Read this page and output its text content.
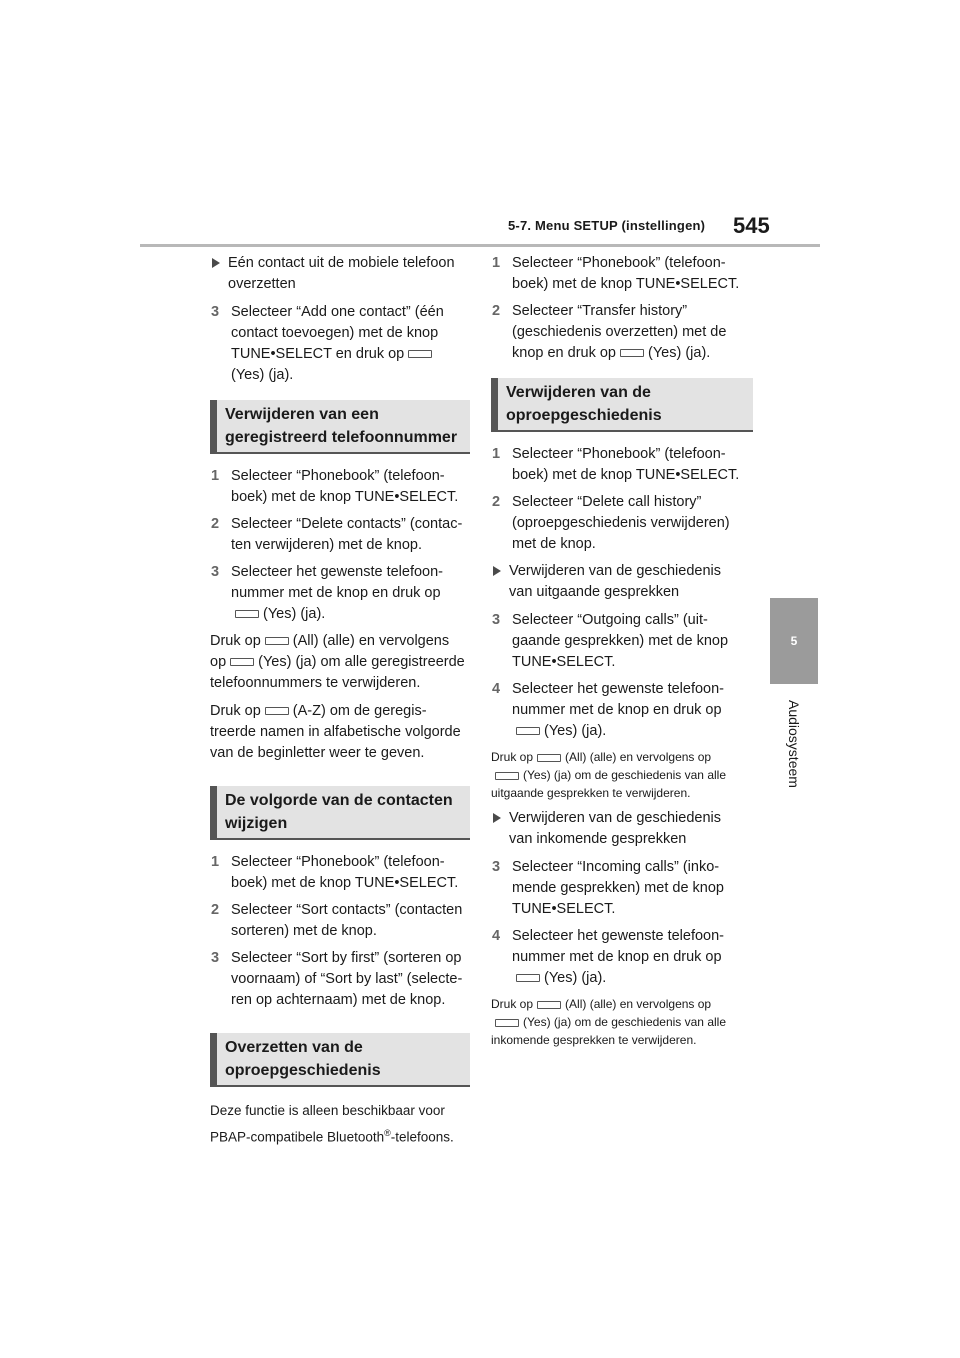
5-7. Menu SETUP (instellingen) 545
5
Audiosysteem
Eén contact uit de mobiele telefoon
overzetten
3 Selecteer “Add one contact” (één
contact toevoegen) met de knop
TUNE•SELECT en druk op
(Yes) (ja).
Verwijderen van een
geregistreerd telefoonnummer
1 Selecteer “Phonebook” (telefoon-
boek) met de knop TUNE•SELECT.
2 Selecteer “Delete contacts” (contac-
ten verwijderen) met de knop.
3 Selecteer het gewenste telefoon-
nummer met de knop en druk op
(Yes) (ja).
Druk op (All) (alle) en vervolgens
op (Yes) (ja) om alle geregistreerde
telefoonnummers te verwijderen.
Druk op (A-Z) om de geregis-
treerde namen in alfabetische volgorde
van de beginletter weer te geven.
De volgorde van de contacten
wijzigen
1 Selecteer “Phonebook” (telefoon-
boek) met de knop TUNE•SELECT.
2 Selecteer “Sort contacts” (contacten
sorteren) met de knop.
3 Selecteer “Sort by first” (sorteren op
voornaam) of “Sort by last” (selecte-
ren op achternaam) met de knop.
Overzetten van de
oproepgeschiedenis
Deze functie is alleen beschikbaar voor
PBAP-compatibele Bluetooth®-telefoons.
1 Selecteer “Phonebook” (telefoon-
boek) met de knop TUNE•SELECT.
2 Selecteer “Transfer history”
(geschiedenis overzetten) met de
knop en druk op (Yes) (ja).
Verwijderen van de
oproepgeschiedenis
1 Selecteer “Phonebook” (telefoon-
boek) met de knop TUNE•SELECT.
2 Selecteer “Delete call history”
(oproepgeschiedenis verwijderen)
met de knop.
Verwijderen van de geschiedenis
van uitgaande gesprekken
3 Selecteer “Outgoing calls” (uit-
gaande gesprekken) met de knop
TUNE•SELECT.
4 Selecteer het gewenste telefoon-
nummer met de knop en druk op
(Yes) (ja).
Druk op	(All) (alle) en vervolgens op
(Yes) (ja) om de geschiedenis van alle
uitgaande gesprekken te verwijderen.
Verwijderen van de geschiedenis
van inkomende gesprekken
3 Selecteer “Incoming calls” (inko-
mende gesprekken) met de knop
TUNE•SELECT.
4 Selecteer het gewenste telefoon-
nummer met de knop en druk op
(Yes) (ja).
Druk op	(All) (alle) en vervolgens op
(Yes) (ja) om de geschiedenis van alle
inkomende gesprekken te verwijderen.
